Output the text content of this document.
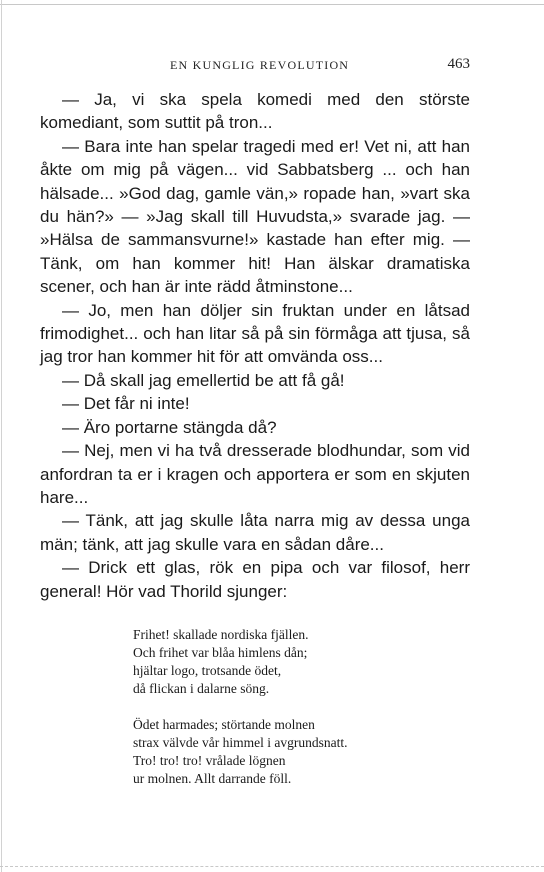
EN KUNGLIG REVOLUTION	463

— Ja, vi ska spela komedi med den störste komediant, som suttit på tron...

— Bara inte han spelar tragedi med er! Vet ni, att han åkte om mig på vägen... vid Sabbatsberg ... och han hälsade... »God dag, gamle vän,» ropade han, »vart ska du hän?» — »Jag skall till Huvudsta,» svarade jag. — »Hälsa de sammansvurne!» kastade han efter mig. — Tänk, om han kommer hit! Han älskar dramatiska scener, och han är inte rädd åtminstone...

— Jo, men han döljer sin fruktan under en låtsad frimodighet... och han litar så på sin förmåga att tjusa, så jag tror han kommer hit för att omvända oss...

— Då skall jag emellertid be att få gå!

— Det får ni inte!

— Äro portarne stängda då?

— Nej, men vi ha två dresserade blodhundar, som vid anfordran ta er i kragen och apportera er som en skjuten hare...

— Tänk, att jag skulle låta narra mig av dessa unga män; tänk, att jag skulle vara en sådan dåre...

— Drick ett glas, rök en pipa och var filosof, herr general! Hör vad Thorild sjunger:

Frihet! skallade nordiska fjällen.
Och frihet var blåa himlens dån;
hjältar logo, trotsande ödet,
då flickan i dalarne söng.
Ödet harmades; störtande molnen
strax välvde vår himmel i avgrundsnatt.
Tro! tro! tro! vrålade lögnen
ur molnen. Allt darrande föll.
